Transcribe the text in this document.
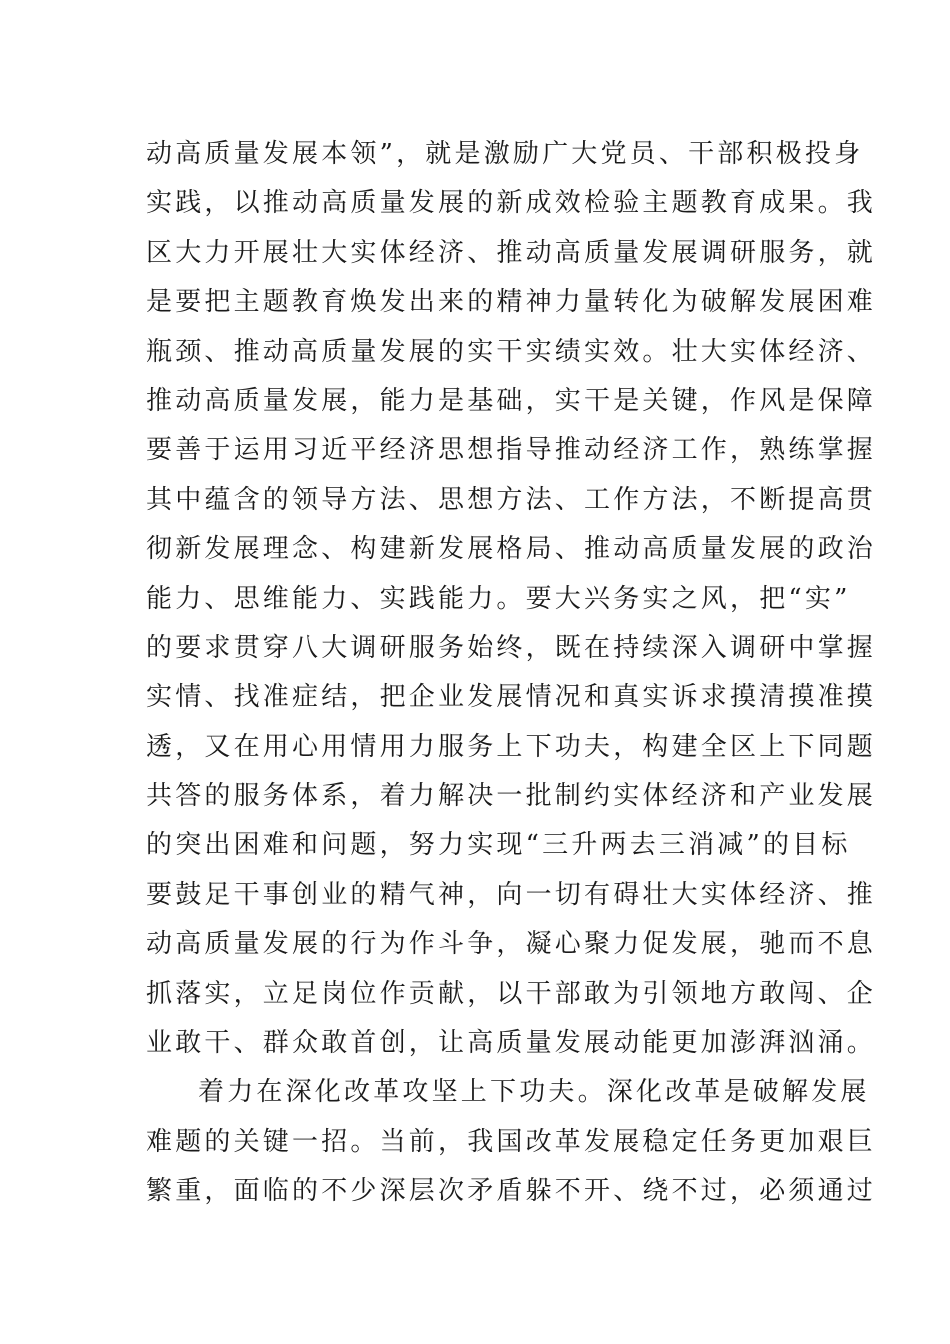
动高质量发展本领”，就是激励广大党员、干部积极投身
实践，以推动高质量发展的新成效检验主题教育成果。我
区大力开展壮大实体经济、推动高质量发展调研服务，就
是要把主题教育焕发出来的精神力量转化为破解发展困难
瓶颈、推动高质量发展的实干实绩实效。壮大实体经济、
推动高质量发展，能力是基础，实干是关键，作风是保障
要善于运用习近平经济思想指导推动经济工作，熟练掌握
其中蕴含的领导方法、思想方法、工作方法，不断提高贯
彻新发展理念、构建新发展格局、推动高质量发展的政治
能力、思维能力、实践能力。要大兴务实之风，把“实”
的要求贯穿八大调研服务始终，既在持续深入调研中掌握
实情、找准症结，把企业发展情况和真实诉求摸清摸准摸
透，又在用心用情用力服务上下功夫，构建全区上下同题
共答的服务体系，着力解决一批制约实体经济和产业发展
的突出困难和问题，努力实现“三升两去三消减”的目标
要鼓足干事创业的精气神，向一切有碍壮大实体经济、推
动高质量发展的行为作斗争，凝心聚力促发展，驰而不息
抓落实，立足岗位作贡献，以干部敢为引领地方敢闯、企
业敢干、群众敢首创，让高质量发展动能更加澎湃汹涌。
着力在深化改革攻坚上下功夫。深化改革是破解发展
难题的关键一招。当前，我国改革发展稳定任务更加艰巨
繁重，面临的不少深层次矛盾躲不开、绕不过，必须通过
